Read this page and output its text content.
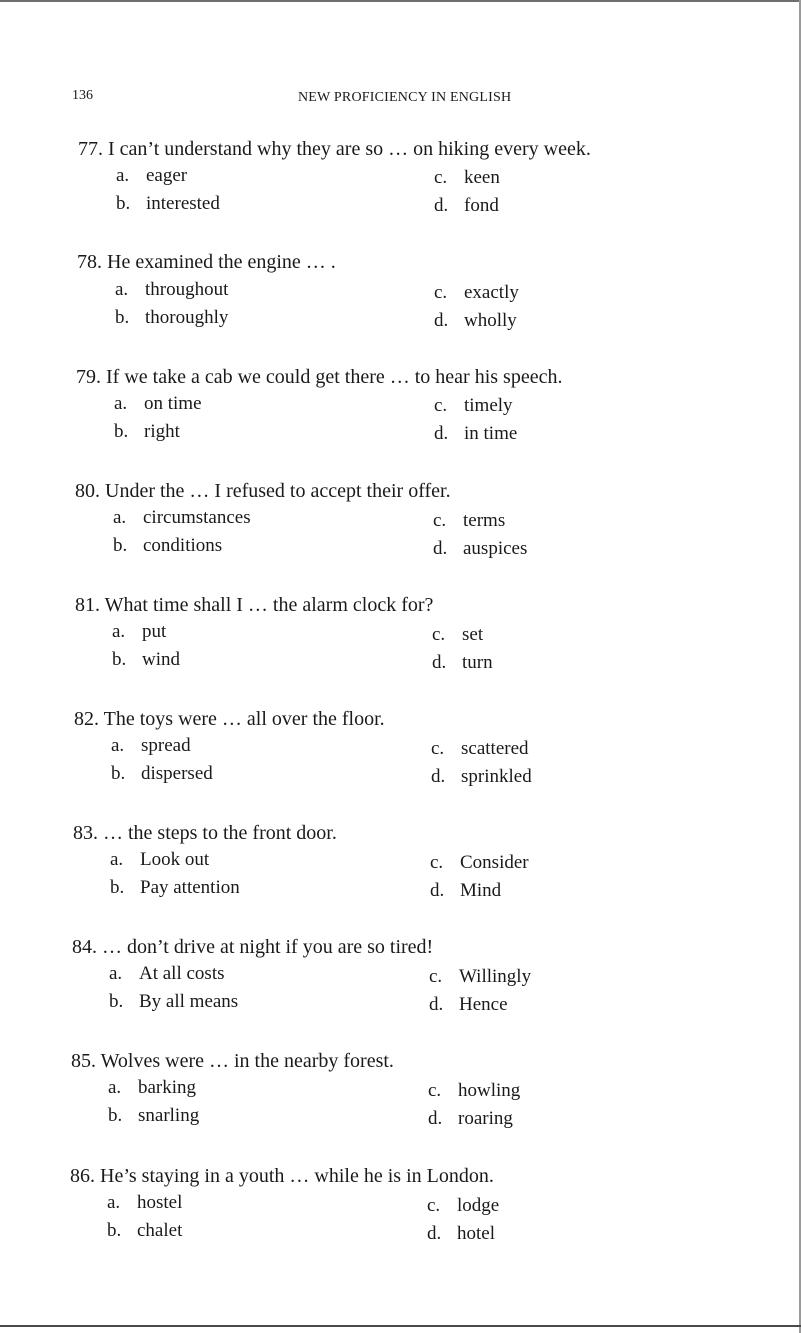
136	NEW PROFICIENCY IN ENGLISH
77. I can’t understand why they are so … on hiking every week.
a. eager
b. interested
c. keen
d. fond
78. He examined the engine … .
a. throughout
b. thoroughly
c. exactly
d. wholly
79. If we take a cab we could get there … to hear his speech.
a. on time
b. right
c. timely
d. in time
80. Under the … I refused to accept their offer.
a. circumstances
b. conditions
c. terms
d. auspices
81. What time shall I … the alarm clock for?
a. put
b. wind
c. set
d. turn
82. The toys were … all over the floor.
a. spread
b. dispersed
c. scattered
d. sprinkled
83. … the steps to the front door.
a. Look out
b. Pay attention
c. Consider
d. Mind
84. … don’t drive at night if you are so tired!
a. At all costs
b. By all means
c. Willingly
d. Hence
85. Wolves were … in the nearby forest.
a. barking
b. snarling
c. howling
d. roaring
86. He’s staying in a youth … while he is in London.
a. hostel
b. chalet
c. lodge
d. hotel
